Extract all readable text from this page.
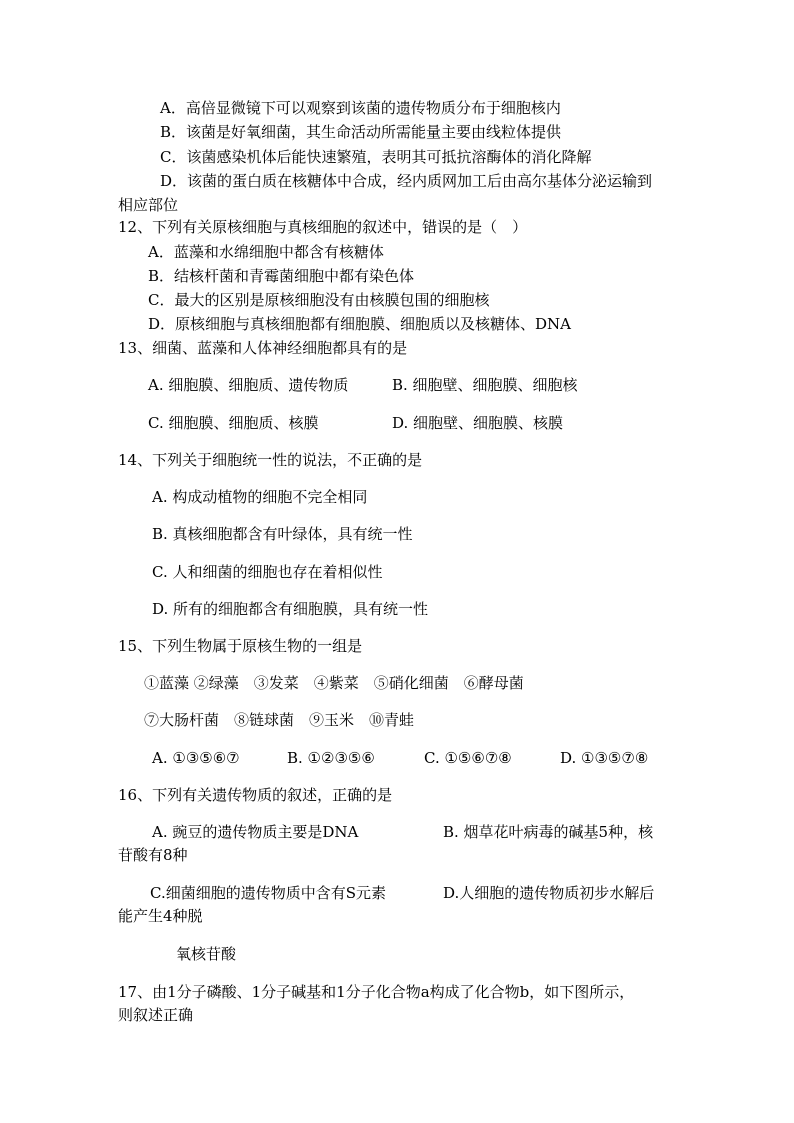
A．高倍显微镜下可以观察到该菌的遗传物质分布于细胞核内
B．该菌是好氧细菌，其生命活动所需能量主要由线粒体提供
C．该菌感染机体后能快速繁殖，表明其可抵抗溶酶体的消化降解
D．该菌的蛋白质在核糖体中合成，经内质网加工后由高尔基体分泌运输到
相应部位
12、下列有关原核细胞与真核细胞的叙述中，错误的是（　）
A．蓝藻和水绵细胞中都含有核糖体
B．结核杆菌和青霉菌细胞中都有染色体
C．最大的区别是原核细胞没有由核膜包围的细胞核
D．原核细胞与真核细胞都有细胞膜、细胞质以及核糖体、DNA
13、细菌、蓝藻和人体神经细胞都具有的是
A. 细胞膜、细胞质、遗传物质	B. 细胞壁、细胞膜、细胞核
C. 细胞膜、细胞质、核膜	D. 细胞壁、细胞膜、核膜
14、下列关于细胞统一性的说法，不正确的是
A. 构成动植物的细胞不完全相同
B. 真核细胞都含有叶绿体，具有统一性
C. 人和细菌的细胞也存在着相似性
D. 所有的细胞都含有细胞膜，具有统一性
15、下列生物属于原核生物的一组是
①蓝藻 ②绿藻　③发菜　④紫菜　⑤硝化细菌　⑥酵母菌
⑦大肠杆菌　⑧链球菌　⑨玉米　⑩青蛙
A. ①③⑤⑥⑦	B. ①②③⑤⑥	C. ①⑤⑥⑦⑧	D. ①③⑤⑦⑧
16、下列有关遗传物质的叙述，正确的是
A. 豌豆的遗传物质主要是DNA	B. 烟草花叶病毒的碱基5种，核
苷酸有8种
C.细菌细胞的遗传物质中含有S元素	D.人细胞的遗传物质初步水解后
能产生4种脱
氧核苷酸
17、由1分子磷酸、1分子碱基和1分子化合物a构成了化合物b，如下图所示，
则叙述正确
